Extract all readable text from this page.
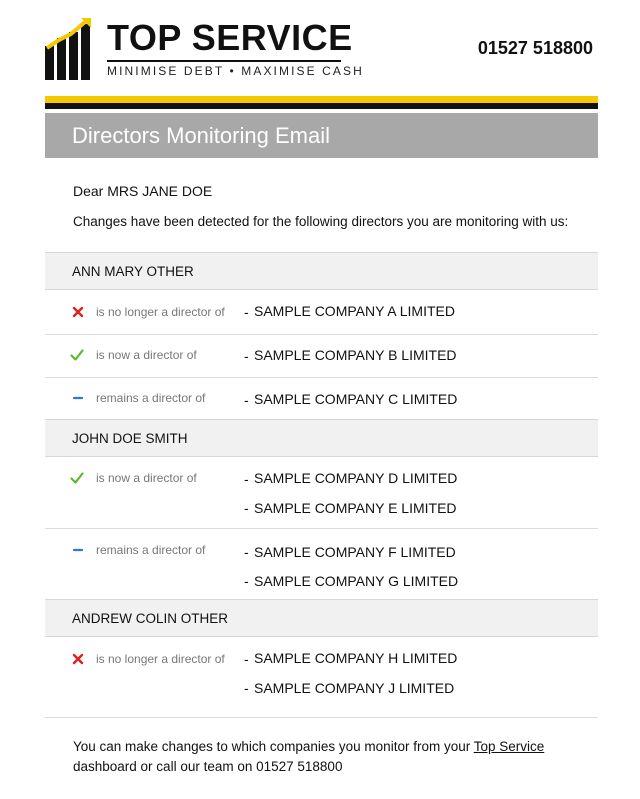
TOP SERVICE
MINIMISE DEBT • MAXIMISE CASH
01527 518800
Directors Monitoring Email
Dear MRS JANE DOE
Changes have been detected for the following directors you are monitoring with us:
ANN MARY OTHER
is no longer a director of - SAMPLE COMPANY A LIMITED
is now a director of	- SAMPLE COMPANY B LIMITED
remains a director of	- SAMPLE COMPANY C LIMITED
JOHN DOE SMITH
is now a director of	- SAMPLE COMPANY D LIMITED
- SAMPLE COMPANY E LIMITED
remains a director of	- SAMPLE COMPANY F LIMITED
- SAMPLE COMPANY G LIMITED
ANDREW COLIN OTHER
is no longer a director of - SAMPLE COMPANY H LIMITED
- SAMPLE COMPANY J LIMITED
You can make changes to which companies you monitor from your Top Service
dashboard or call our team on 01527 518800
